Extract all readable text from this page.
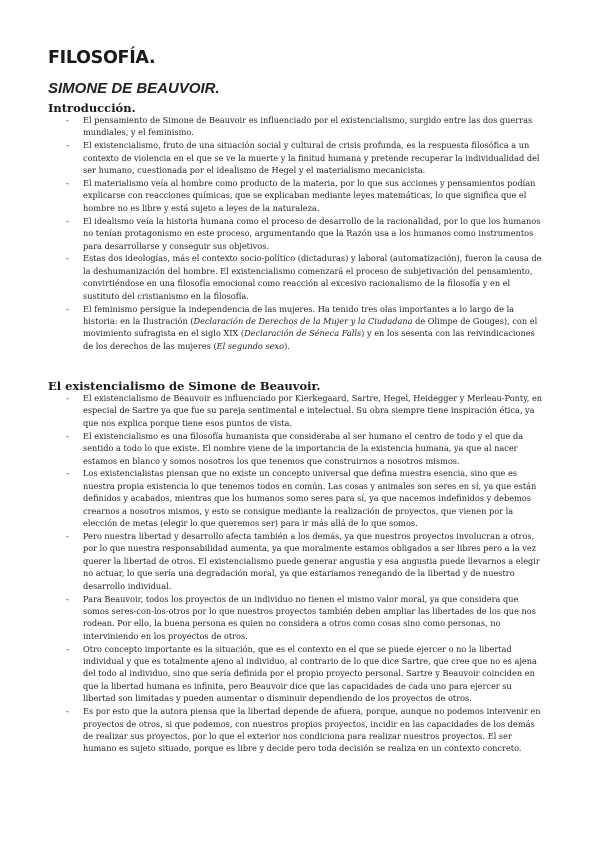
FILOSOFÍA.
SIMONE DE BEAUVOIR.
Introducción.
- El pensamiento de Simone de Beauvoir es influenciado por el existencialismo, surgido entre las dos guerras mundiales, y el feminismo.
- El existencialismo, fruto de una situación social y cultural de crisis profunda, es la respuesta filosófica a un contexto de violencia en el que se ve la muerte y la finitud humana y pretende recuperar la individualidad del ser humano, cuestionada por el idealismo de Hegel y el materialismo mecanicista.
- El materialismo veía al hombre como producto de la materia, por lo que sus acciones y pensamientos podían explicarse con reacciones químicas, que se explicaban mediante leyes matemáticas, lo que significa que el hombre no es libre y está sujeto a leyes de la naturaleza.
- El idealismo veía la historia humana como el proceso de desarrollo de la racionalidad, por lo que los humanos no tenían protagonismo en este proceso, argumentando que la Razón usa a los humanos como instrumentos para desarrollarse y conseguir sus objetivos.
- Estas dos ideologías, más el contexto socio-político (dictaduras) y laboral (automatización), fueron la causa de la deshumanización del hombre. El existencialismo comenzará el proceso de subjetivación del pensamiento, convirtiéndose en una filosofía emocional como reacción al excesivo racionalismo de la filosofía y en el sustituto del cristianismo en la filosofía.
- El feminismo persigue la independencia de las mujeres. Ha tenido tres olas importantes a lo largo de la historia: en la Ilustración (Declaración de Derechos de la Mujer y la Ciudadana de Olimpe de Gouges), con el movimiento sufragista en el siglo XIX (Declaración de Séneca Falls) y en los sesenta con las reivindicaciones de los derechos de las mujeres (El segundo sexo).
El existencialismo de Simone de Beauvoir.
- El existencialismo de Beauvoir es influenciado por Kierkegaard, Sartre, Hegel, Heidegger y Merleau-Ponty, en especial de Sartre ya que fue su pareja sentimental e intelectual. Su obra siempre tiene inspiración ética, ya que nos explica porque tiene esos puntos de vista.
- El existencialismo es una filosofía humanista que consideraba al ser humano el centro de todo y el que da sentido a todo lo que existe. El nombre viene de la importancia de la existencia humana, ya que al nacer estamos en blanco y somos nosotros los que tenemos que construirnos a nosotros mismos.
- Los existencialistas piensan que no existe un concepto universal que defina nuestra esencia, sino que es nuestra propia existencia lo que tenemos todos en común. Las cosas y animales son seres en sí, ya que están definidos y acabados, mientras que los humanos somo seres para sí, ya que nacemos indefinidos y debemos crearnos a nosotros mismos, y esto se consigue mediante la realización de proyectos, que vienen por la elección de metas (elegir lo que queremos ser) para ir más allá de lo que somos.
- Pero nuestra libertad y desarrollo afecta también a los demás, ya que nuestros proyectos involucran a otros, por lo que nuestra responsabilidad aumenta, ya que moralmente estamos obligados a ser libres pero a la vez querer la libertad de otros. El existencialismo puede generar angustia y esa angustia puede llevarnos a elegir no actuar, lo que sería una degradación moral, ya que estaríamos renegando de la libertad y de nuestro desarrollo individual.
- Para Beauvoir, todos los proyectos de un individuo no tienen el mismo valor moral, ya que considera que somos seres-con-los-otros por lo que nuestros proyectos también deben ampliar las libertades de los que nos rodean. Por ello, la buena persona es quien no considera a otros como cosas sino como personas, no interviniendo en los proyectos de otros.
- Otro concepto importante es la situación, que es el contexto en el que se puede ejercer o no la libertad individual y que es totalmente ajeno al individuo, al contrario de lo que dice Sartre, que cree que no es ajena del todo al individuo, sino que sería definida por el propio proyecto personal. Sartre y Beauvoir coinciden en que la libertad humana es infinita, pero Beauvoir dice que las capacidades de cada uno para ejercer su libertad son limitadas y pueden aumentar o disminuir dependiendo de los proyectos de otros.
- Es por esto que la autora piensa que la libertad depende de afuera, porque, aunque no podemos intervenir en proyectos de otros, si que podemos, con nuestros propios proyectos, incidir en las capacidades de los demás de realizar sus proyectos, por lo que el exterior nos condiciona para realizar nuestros proyectos. El ser humano es sujeto situado, porque es libre y decide pero toda decisión se realiza en un contexto concreto.
